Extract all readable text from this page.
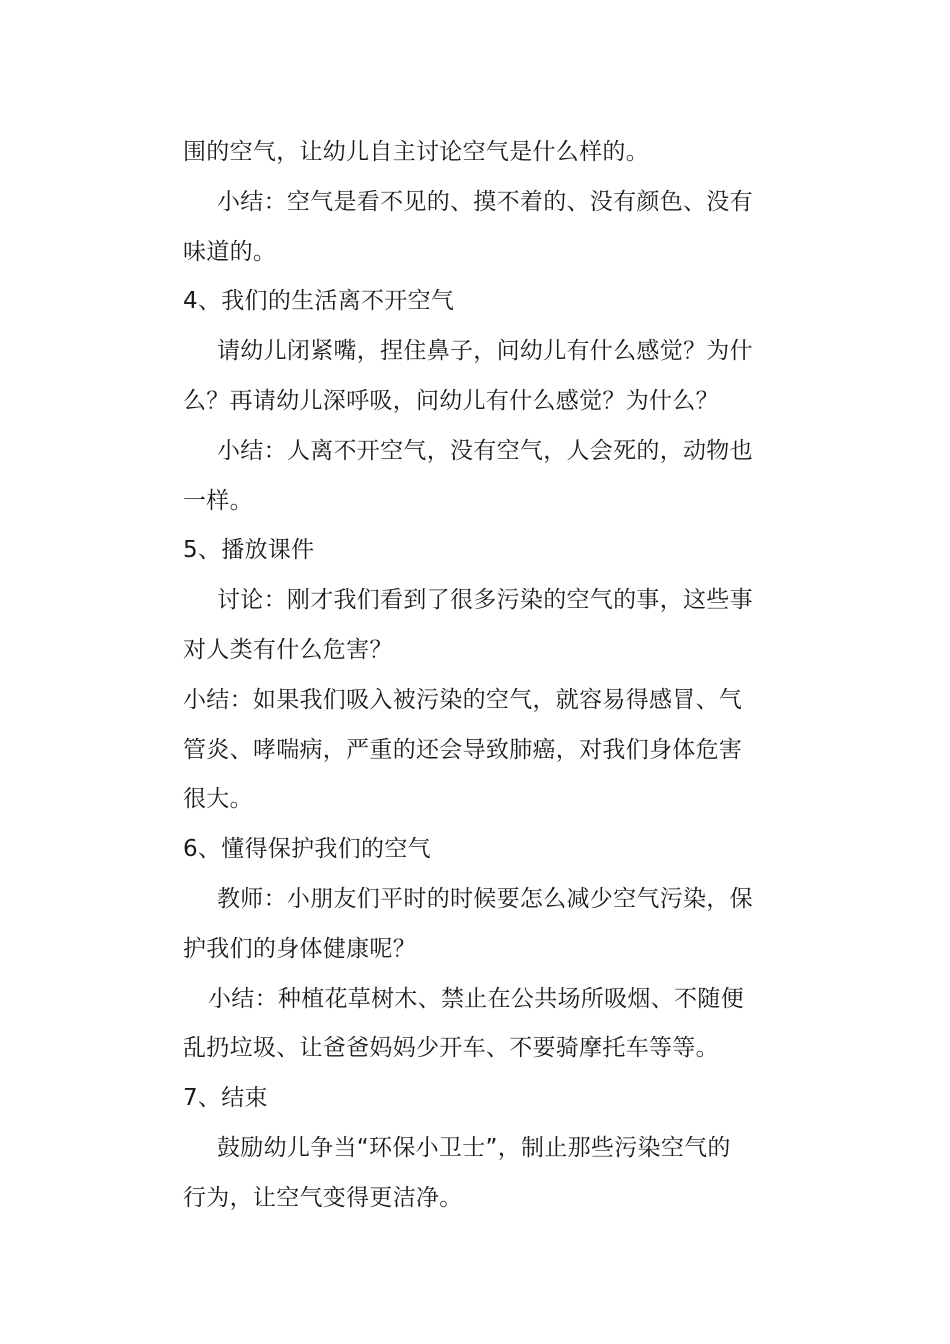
围的空气，让幼儿自主讨论空气是什么样的。
小结：空气是看不见的、摸不着的、没有颜色、没有
味道的。
4、我们的生活离不开空气
请幼儿闭紧嘴，捏住鼻子，问幼儿有什么感觉？为什
么？再请幼儿深呼吸，问幼儿有什么感觉？为什么？
小结：人离不开空气，没有空气，人会死的，动物也
一样。
5、播放课件
讨论：刚才我们看到了很多污染的空气的事，这些事
对人类有什么危害？
小结：如果我们吸入被污染的空气，就容易得感冒、气
管炎、哮喘病，严重的还会导致肺癌，对我们身体危害
很大。
6、懂得保护我们的空气
教师：小朋友们平时的时候要怎么减少空气污染，保
护我们的身体健康呢？
小结：种植花草树木、禁止在公共场所吸烟、不随便
乱扔垃圾、让爸爸妈妈少开车、不要骑摩托车等等。
7、结束
鼓励幼儿争当“环保小卫士”，制止那些污染空气的
行为，让空气变得更洁净。
